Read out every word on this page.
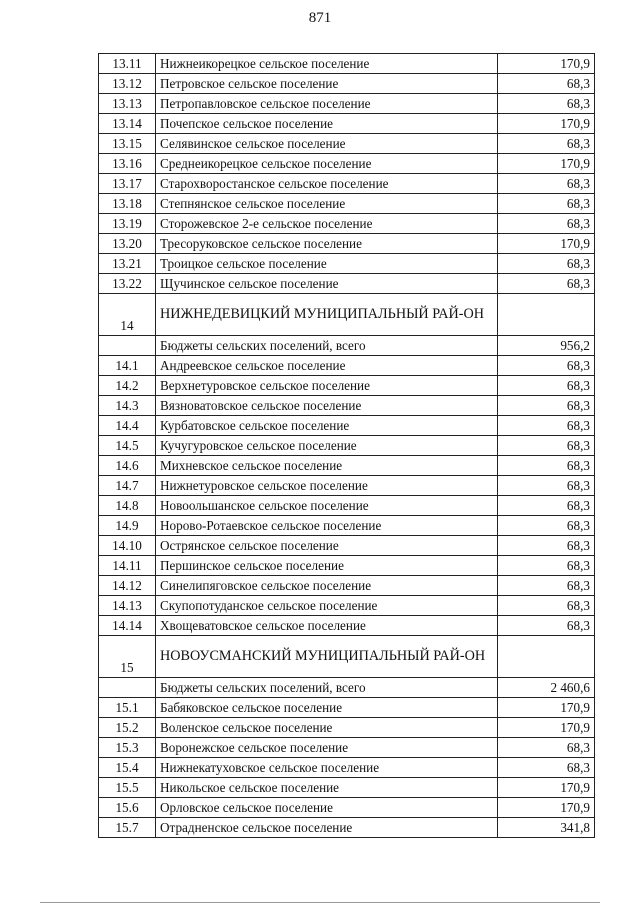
871
13.11	Нижнеикорецкое сельское поселение	170,9
13.12	Петровское сельское поселение	68,3
13.13	Петропавловское сельское поселение	68,3
13.14	Почепское сельское поселение	170,9
13.15	Селявинское сельское поселение	68,3
13.16	Среднеикорецкое сельское поселение	170,9
13.17	Старохворостанское сельское поселение	68,3
13.18	Степнянское сельское поселение	68,3
13.19	Сторожевское 2-е сельское поселение	68,3
13.20	Тресоруковское сельское поселение	170,9
13.21	Троицкое сельское поселение	68,3
13.22	Щучинское сельское поселение	68,3
14	НИЖНЕДЕВИЦКИЙ МУНИЦИПАЛЬНЫЙ РАЙ-ОН	
	Бюджеты сельских поселений, всего	956,2
14.1	Андреевское сельское поселение	68,3
14.2	Верхнетуровское сельское поселение	68,3
14.3	Вязноватовское сельское поселение	68,3
14.4	Курбатовское сельское поселение	68,3
14.5	Кучугуровское сельское поселение	68,3
14.6	Михневское сельское поселение	68,3
14.7	Нижнетуровское сельское поселение	68,3
14.8	Новоольшанское сельское поселение	68,3
14.9	Норово-Ротаевское сельское поселение	68,3
14.10	Острянское сельское поселение	68,3
14.11	Першинское сельское поселение	68,3
14.12	Синелипяговское сельское поселение	68,3
14.13	Скупопотуданское сельское поселение	68,3
14.14	Хвощеватовское сельское поселение	68,3
15	НОВОУСМАНСКИЙ МУНИЦИПАЛЬНЫЙ РАЙ-ОН	
	Бюджеты сельских поселений, всего	2 460,6
15.1	Бабяковское сельское поселение	170,9
15.2	Воленское сельское поселение	170,9
15.3	Воронежское сельское поселение	68,3
15.4	Нижнекатуховское сельское поселение	68,3
15.5	Никольское сельское поселение	170,9
15.6	Орловское сельское поселение	170,9
15.7	Отрадненское сельское поселение	341,8
